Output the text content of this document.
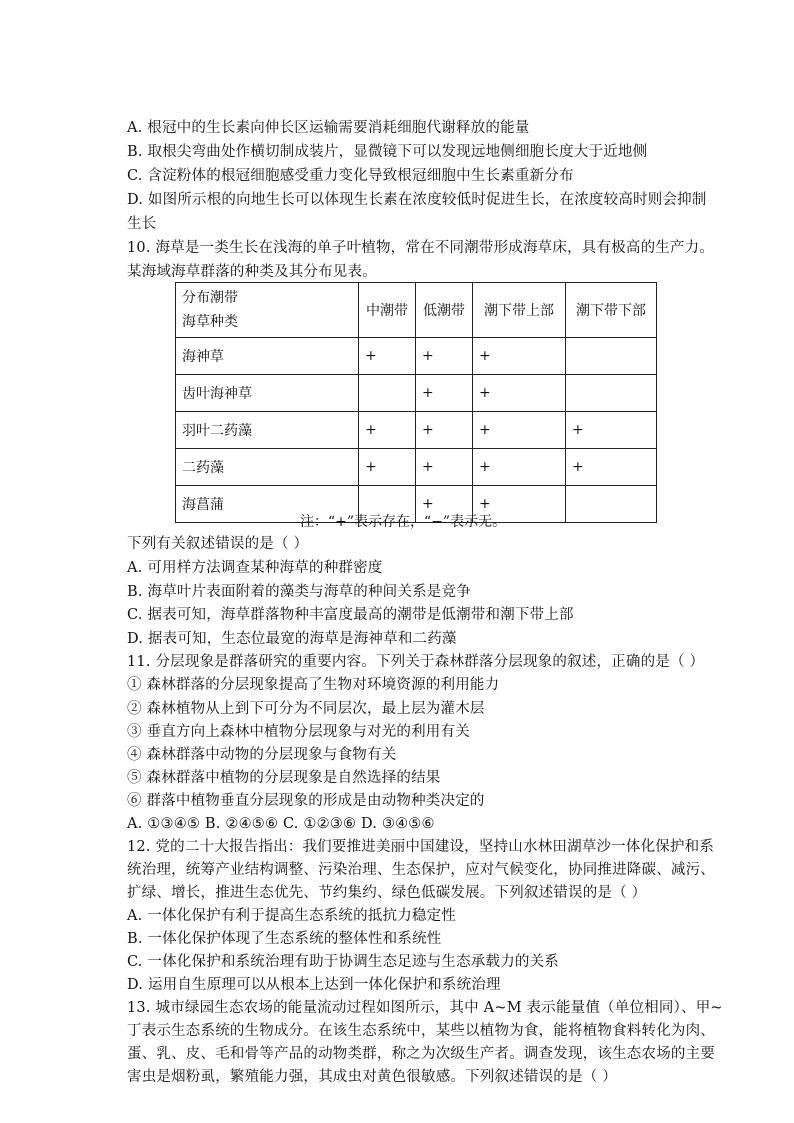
A. 根冠中的生长素向伸长区运输需要消耗细胞代谢释放的能量
B. 取根尖弯曲处作横切制成装片，显微镜下可以发现远地侧细胞长度大于近地侧
C. 含淀粉体的根冠细胞感受重力变化导致根冠细胞中生长素重新分布
D. 如图所示根的向地生长可以体现生长素在浓度较低时促进生长，在浓度较高时则会抑制
生长
10. 海草是一类生长在浅海的单子叶植物，常在不同潮带形成海草床，具有极高的生产力。
某海域海草群落的种类及其分布见表。
分布潮带
海草种类	中潮带	低潮带	潮下带上部	潮下带下部
海神草	+	+	+	
齿叶海神草		+	+	
羽叶二药藻	+	+	+	+
二药藻	+	+	+	+
海菖蒲		+	+	
注：“+”表示存在，“−”表示无。
下列有关叙述错误的是（ ）
A. 可用样方法调查某种海草的种群密度
B. 海草叶片表面附着的藻类与海草的种间关系是竞争
C. 据表可知，海草群落物种丰富度最高的潮带是低潮带和潮下带上部
D. 据表可知，生态位最宽的海草是海神草和二药藻
11. 分层现象是群落研究的重要内容。下列关于森林群落分层现象的叙述，正确的是（ ）
① 森林群落的分层现象提高了生物对环境资源的利用能力
② 森林植物从上到下可分为不同层次，最上层为灌木层
③ 垂直方向上森林中植物分层现象与对光的利用有关
④ 森林群落中动物的分层现象与食物有关
⑤ 森林群落中植物的分层现象是自然选择的结果
⑥ 群落中植物垂直分层现象的形成是由动物种类决定的
A. ①③④⑤ B. ②④⑤⑥ C. ①②③⑥ D. ③④⑤⑥
12. 党的二十大报告指出：我们要推进美丽中国建设，坚持山水林田湖草沙一体化保护和系
统治理，统筹产业结构调整、污染治理、生态保护，应对气候变化，协同推进降碳、减污、
扩绿、增长，推进生态优先、节约集约、绿色低碳发展。下列叙述错误的是（ ）
A. 一体化保护有利于提高生态系统的抵抗力稳定性
B. 一体化保护体现了生态系统的整体性和系统性
C. 一体化保护和系统治理有助于协调生态足迹与生态承载力的关系
D. 运用自生原理可以从根本上达到一体化保护和系统治理
13. 城市绿园生态农场的能量流动过程如图所示，其中 A~M 表示能量值（单位相同）、甲~
丁表示生态系统的生物成分。在该生态系统中，某些以植物为食，能将植物食料转化为肉、
蛋、乳、皮、毛和骨等产品的动物类群，称之为次级生产者。调查发现，该生态农场的主要
害虫是烟粉虱，繁殖能力强，其成虫对黄色很敏感。下列叙述错误的是（ ）
